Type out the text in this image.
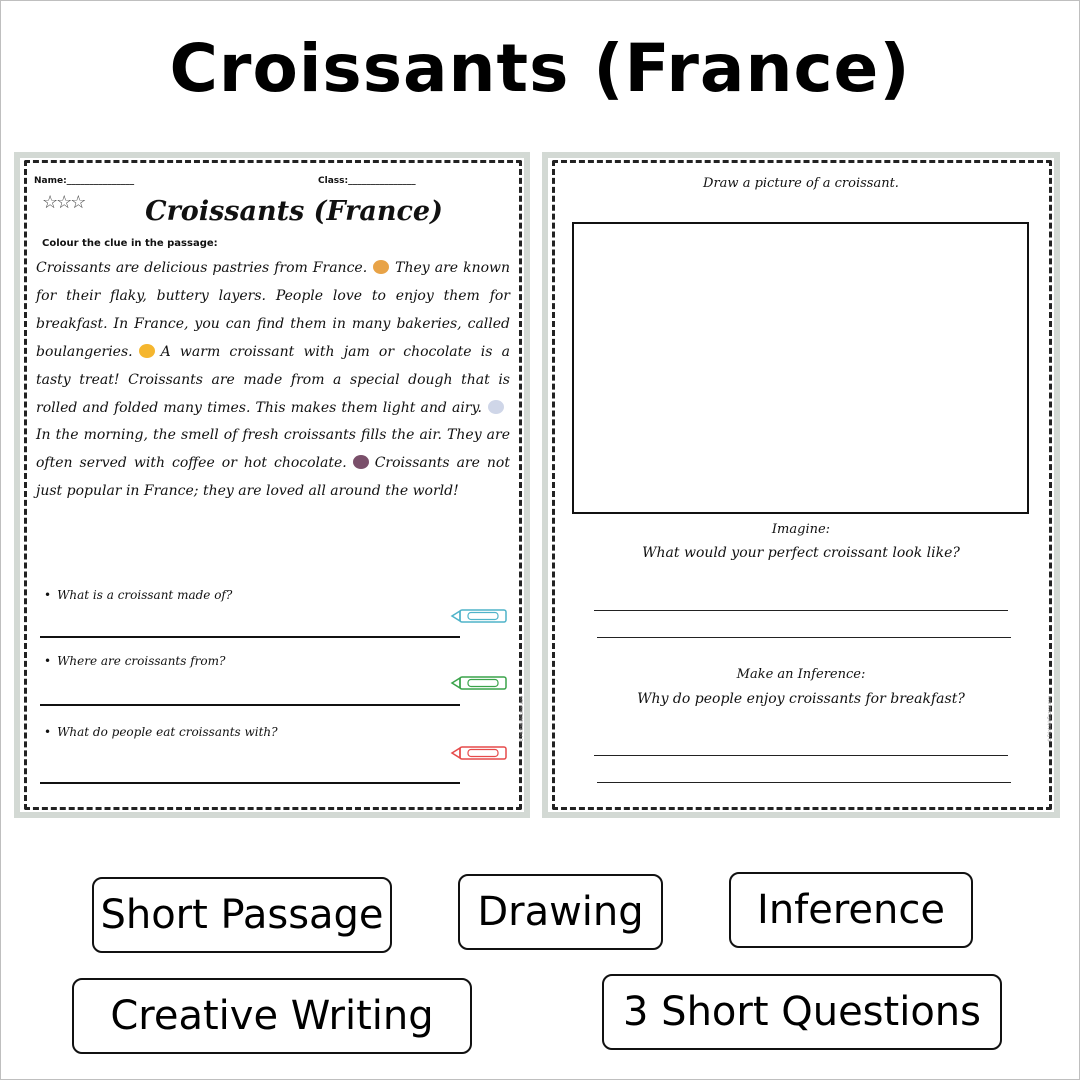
Croissants (France)
Name:_______________	Class:_______________
☆☆☆ Croissants (France)
Colour the clue in the passage:
Croissants are delicious pastries from France. They are known for their flaky, buttery layers. People love to enjoy them for breakfast. In France, you can find them in many bakeries, called boulangeries. A warm croissant with jam or chocolate is a tasty treat! Croissants are made from a special dough that is rolled and folded many times. This makes them light and airy.In the morning, the smell of fresh croissants fills the air. They are often served with coffee or hot chocolate. Croissants are not just popular in France; they are loved all around the world!
• What is a croissant made of?
• Where are croissants from?
• What do people eat croissants with?	© PrintableBazaar.com
Draw a picture of a croissant.
Imagine:
What would your perfect croissant look like?
Make an Inference:
Why do people enjoy croissants for breakfast?	© PrintableBazaar.com
Short Passage	Drawing	Inference
Creative Writing	3 Short Questions
